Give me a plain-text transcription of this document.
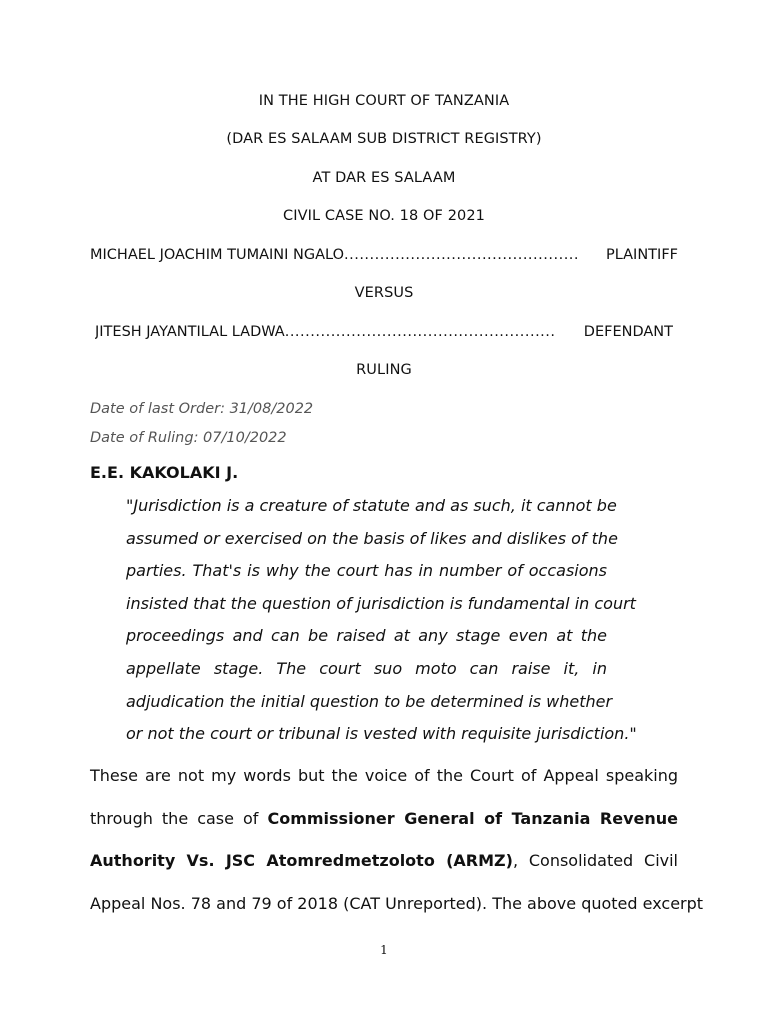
IN THE HIGH COURT OF TANZANIA
(DAR ES SALAAM SUB DISTRICT REGISTRY)
AT DAR ES SALAAM
CIVIL CASE NO. 18 OF 2021
MICHAEL JOACHIM TUMAINI NGALO ..............................................	PLAINTIFF
VERSUS
JITESH JAYANTILAL LADWA .....................................................	DEFENDANT
RULING
Date of last Order: 31/08/2022
Date of Ruling: 07/10/2022
E.E. KAKOLAKI J.
"Jurisdiction is a creature of statute and as such, it cannot be
assumed or exercised on the basis of likes and dislikes of the
parties. That's is why the court has in number of occasions
insisted that the question of jurisdiction is fundamental in court
proceedings and can be raised at any stage even at the
appellate stage. The court suo moto can raise it, in
adjudication the initial question to be determined is whether
or not the court or tribunal is vested with requisite jurisdiction."
These are not my words but the voice of the Court of Appeal speaking
through the case of Commissioner General of Tanzania Revenue
Authority Vs. JSC Atomredmetzoloto (ARMZ), Consolidated Civil
Appeal Nos. 78 and 79 of 2018 (CAT Unreported). The above quoted excerpt
1
